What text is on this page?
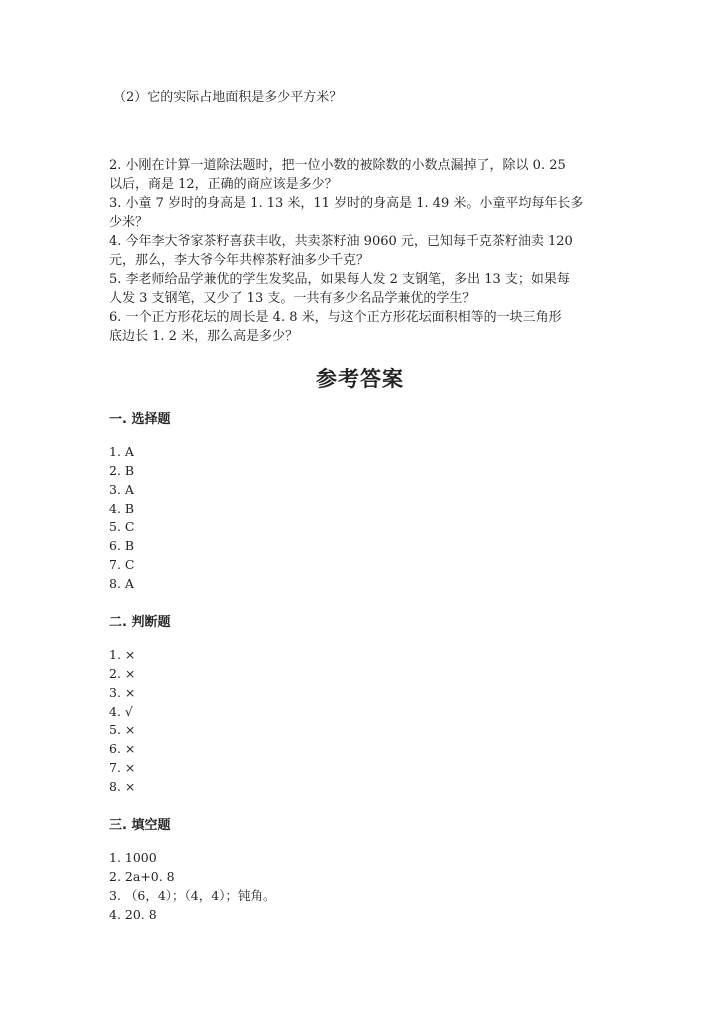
（2）它的实际占地面积是多少平方米？
2. 小刚在计算一道除法题时，把一位小数的被除数的小数点漏掉了，除以 0. 25
以后，商是 12，正确的商应该是多少？
3. 小童 7 岁时的身高是 1. 13 米，11 岁时的身高是 1. 49 米。小童平均每年长多
少米？
4. 今年李大爷家茶籽喜获丰收，共卖茶籽油 9060 元，已知每千克茶籽油卖 120
元，那么，李大爷今年共榨茶籽油多少千克？
5. 李老师给品学兼优的学生发奖品，如果每人发 2 支钢笔，多出 13 支；如果每
人发 3 支钢笔，又少了 13 支。一共有多少名品学兼优的学生？
6. 一个正方形花坛的周长是 4. 8 米，与这个正方形花坛面积相等的一块三角形
底边长 1. 2 米，那么高是多少？
参考答案
一. 选择题
1. A
2. B
3. A
4. B
5. C
6. B
7. C
8. A
二. 判断题
1. ×
2. ×
3. ×
4. √
5. ×
6. ×
7. ×
8. ×
三. 填空题
1. 1000
2. 2a+0. 8
3. （6，4）；（4，4）；钝角。
4. 20. 8
